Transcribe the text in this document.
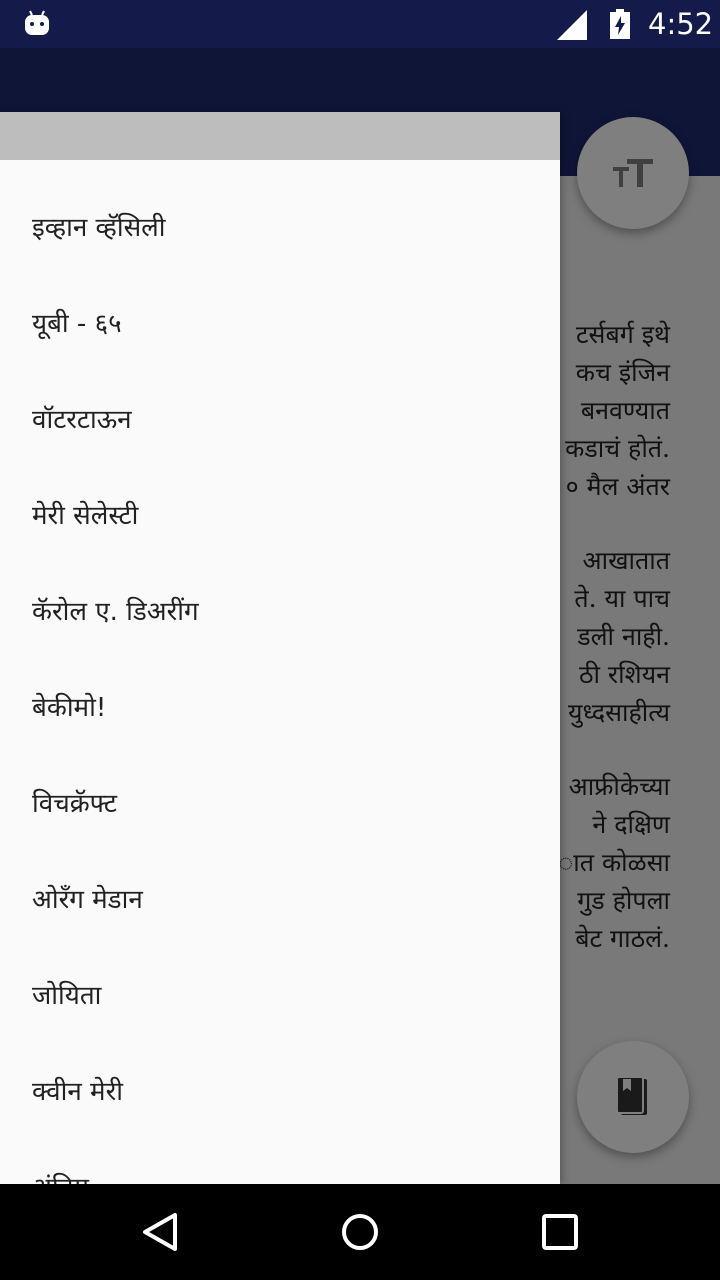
4:52
इव्हान व्हॅसिली
यूबी - ६५
वॉटरटाऊन
मेरी सेलेस्टी
कॅरोल ए. डिअरींग
बेकीमो!
विचक्रॅफ्ट
ओरँग मेडान
जोयिता
क्वीन मेरी
